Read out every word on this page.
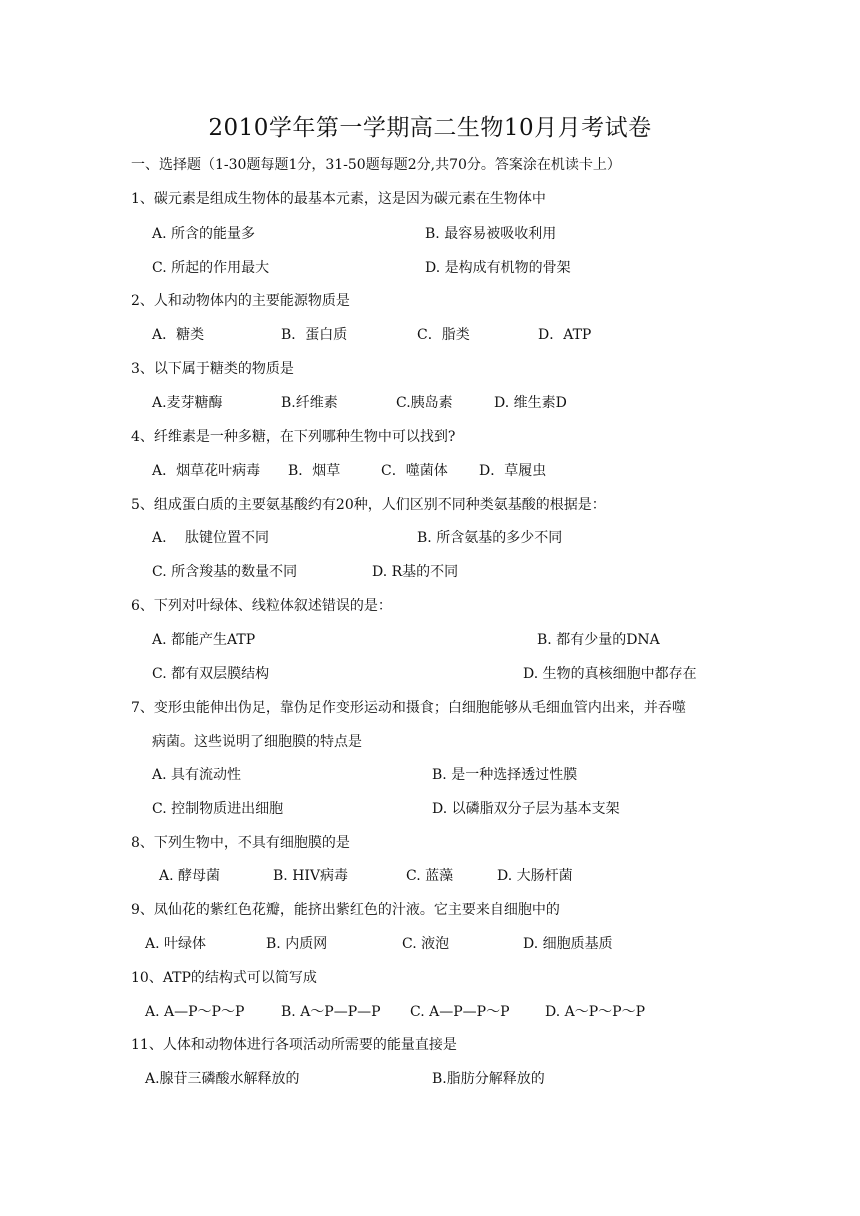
2010学年第一学期高二生物10月月考试卷
一、选择题（1-30题每题1分，31-50题每题2分,共70分。答案涂在机读卡上）
1、碳元素是组成生物体的最基本元素，这是因为碳元素在生物体中
A. 所含的能量多	B. 最容易被吸收利用
C. 所起的作用最大	D. 是构成有机物的骨架
2、人和动物体内的主要能源物质是
A．糖类	B．蛋白质	C．脂类	D．ATP
3、以下属于糖类的物质是
A.麦芽糖酶	B.纤维素	C.胰岛素	D. 维生素D
4、纤维素是一种多糖，在下列哪种生物中可以找到?
A．烟草花叶病毒 B．烟草	C．噬菌体 D．草履虫
5、组成蛋白质的主要氨基酸约有20种，人们区别不同种类氨基酸的根据是：
A.　 肽键位置不同	B. 所含氨基的多少不同
C. 所含羧基的数量不同	D. R基的不同
6、下列对叶绿体、线粒体叙述错误的是：
A. 都能产生ATP	B. 都有少量的DNA
C. 都有双层膜结构	D. 生物的真核细胞中都存在
7、变形虫能伸出伪足，靠伪足作变形运动和摄食；白细胞能够从毛细血管内出来，并吞噬
病菌。这些说明了细胞膜的特点是
A. 具有流动性	B. 是一种选择透过性膜
C. 控制物质进出细胞	D. 以磷脂双分子层为基本支架
8、下列生物中，不具有细胞膜的是
A. 酵母菌	B. HIV病毒	C. 蓝藻	D. 大肠杆菌
9、凤仙花的紫红色花瓣，能挤出紫红色的汁液。它主要来自细胞中的
A. 叶绿体	B. 内质网	C. 液泡	D. 细胞质基质
10、ATP的结构式可以简写成
A. A—P～P～P	B. A～P—P—P C. A—P—P～P	D. A～P～P～P
11、人体和动物体进行各项活动所需要的能量直接是
A.腺苷三磷酸水解释放的	B.脂肪分解释放的
